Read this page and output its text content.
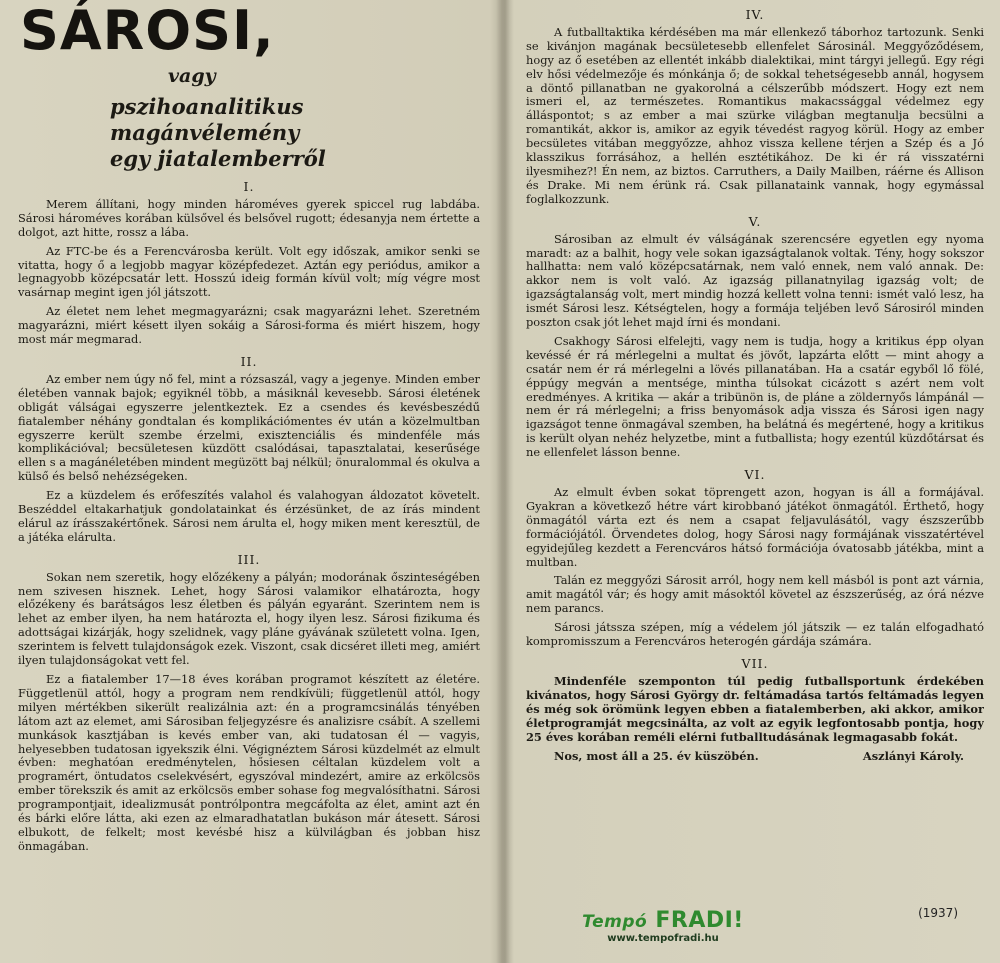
SÁROSI,
vagy
pszihoanalitikus magánvélemény
egy jiatalemberről
I.

Merem állítani, hogy minden hároméves gyerek spiccel rug labdába. Sárosi hároméves korában külsővel és belsővel rugott; édesanyja nem értette a dolgot, azt hitte, rossz a lába.

Az FTC-be és a Ferencvárosba került. Volt egy időszak, amikor senki se vitatta, hogy ő a legjobb magyar középfedezet. Aztán egy periódus, amikor a legnagyobb középcsatár lett. Hosszú ideig formán kívül volt; míg végre most vasárnap megint igen jól játszott.

Az életet nem lehet megmagyarázni; csak magyarázni lehet. Szeretném magyarázni, miért késett ilyen sokáig a Sárosi-forma és miért hiszem, hogy most már megmarad.

II.

Az ember nem úgy nő fel, mint a rózsaszál, vagy a jegenye. Minden ember életében vannak bajok; egyiknél több, a másiknál kevesebb. Sárosi életének obligát válságai egyszerre jelentkeztek. Ez a csendes és kevésbeszédű fiatalember néhány gondtalan és komplikációmentes év után a közelmultban egyszerre került szembe érzelmi, exisztenciális és mindenféle más komplikációval; becsületesen küzdött csalódásai, tapasztalatai, keserűsége ellen s a magánéletében mindent megüzött baj nélkül; önuralommal és okulva a külső és belső nehézségeken.

Ez a küzdelem és erőfeszítés valahol és valahogyan áldozatot követelt. Beszéddel eltakarhatjuk gondolatainkat és érzésünket, de az írás mindent elárul az írásszakértőnek. Sárosi nem árulta el, hogy miken ment keresztül, de a játéka elárulta.

III.

Sokan nem szeretik, hogy előzékeny a pályán; modorának őszinteségében nem szivesen hisznek. Lehet, hogy Sárosi valamikor elhatározta, hogy előzékeny és barátságos lesz életben és pályán egyaránt. Szerintem nem is lehet az ember ilyen, ha nem határozta el, hogy ilyen lesz. Sárosi fizikuma és adottságai kizárják, hogy szelidnek, vagy pláne gyávának született volna. Igen, szerintem is felvett tulajdonságok ezek. Viszont, csak dicséret illeti meg, amiért ilyen tulajdonságokat vett fel.

Ez a fiatalember 17—18 éves korában programot készített az életére. Függetlenül attól, hogy a program nem rendkívüli; függetlenül attól, hogy milyen mértékben sikerült realizálnia azt: én a programcsinálás tényében látom azt az elemet, ami Sárosiban feljegyzésre és analizisre csábít. A szellemi munkások kasztjában is kevés ember van, aki tudatosan él — vagyis, helyesebben tudatosan igyekszik élni. Végignéztem Sárosi küzdelmét az elmult évben: meghatóan eredménytelen, hősiesen céltalan küzdelem volt a programért, öntudatos cselekvésért, egyszóval mindezért, amire az erkölcsös ember törekszik és amit az erkölcsös ember sohase fog megvalósíthatni. Sárosi programpontjait, idealizmusát pontrólpontra megcáfolta az élet, amint azt én és bárki előre látta, aki ezen az elmaradhatatlan bukáson már átesett. Sárosi elbukott, de felkelt; most kevésbé hisz a külvilágban és jobban hisz önmagában.

IV.

A futballtaktika kérdésében ma már ellenkező táborhoz tartozunk. Senki se kivánjon magának becsületesebb ellenfelet Sárosinál. Meggyőződésem, hogy az ő esetében az ellentét inkább dialektikai, mint tárgyi jellegű. Egy régi elv hősi védelmezője és mónkánja ő; de sokkal tehetségesebb annál, hogysem a döntő pillanatban ne gyakorolná a célszerűbb módszert. Hogy ezt nem ismeri el, az természetes. Romantikus makacssággal védelmez egy álláspontot; s az ember a mai szürke világban megtanulja becsülni a romantikát, akkor is, amikor az egyik tévedést ragyog körül. Hogy az ember becsületes vitában meggyőzze, ahhoz vissza kellene térjen a Szép és a Jó klasszikus forrásához, a hellén esztétikához. De ki ér rá visszatérni ilyesmihez?! Én nem, az biztos. Carruthers, a Daily Mailben, ráérne és Allison és Drake. Mi nem érünk rá. Csak pillanataink vannak, hogy egymással foglalkozzunk.

V.

Sárosiban az elmult év válságának szerencsére egyetlen egy nyoma maradt: az a balhit, hogy vele sokan igazságtalanok voltak. Tény, hogy sokszor hallhatta: nem való középcsatárnak, nem való ennek, nem való annak. De: akkor nem is volt való. Az igazság pillanatnyilag igazság volt; de igazságtalanság volt, mert mindig hozzá kellett volna tenni: ismét való lesz, ha ismét Sárosi lesz. Kétségtelen, hogy a formája teljében levő Sárosiról minden poszton csak jót lehet majd írni és mondani.

Csakhogy Sárosi elfelejti, vagy nem is tudja, hogy a kritikus épp olyan kevéssé ér rá mérlegelni a multat és jövőt, lapzárta előtt — mint ahogy a csatár nem ér rá mérlegelni a lövés pillanatában. Ha a csatár egyből lő fölé, éppúgy megván a mentsége, mintha túlsokat cicázott s azért nem volt eredményes. A kritika — akár a tribünön is, de pláne a zöldernyős lámpánál — nem ér rá mérlegelni; a friss benyomások adja vissza és Sárosi igen nagy igazságot tenne önmagával szemben, ha belátná és megértené, hogy a kritikus is került olyan nehéz helyzetbe, mint a futballista; hogy ezentúl küzdőtársat és ne ellenfelet lásson benne.

VI.

Az elmult évben sokat töprengett azon, hogyan is áll a formájával. Gyakran a következő hétre várt kirobbanó játékot önmagától. Érthető, hogy önmagától várta ezt és nem a csapat feljavulásától, vagy észszerűbb formációjától. Örvendetes dolog, hogy Sárosi nagy formájának visszatértével egyidejűleg kezdett a Ferencváros hátsó formációja óvatosabb játékba, mint a multban.

Talán ez meggyőzi Sárosit arról, hogy nem kell másból is pont azt várnia, amit magától vár; és hogy amit másoktól követel az észszerűség, az órá nézve nem parancs.

Sárosi játssza szépen, míg a védelem jól játszik — ez talán elfogadható kompromisszum a Ferencváros heterogén gárdája számára.

VII.

Mindenféle szemponton túl pedig futballsportunk érdekében kivánatos, hogy Sárosi György dr. feltámadása tartós feltámadás legyen és még sok örömünk legyen ebben a fiatalemberben, aki akkor, amikor életprogramját megcsinálta, az volt az egyik legfontosabb pontja, hogy 25 éves korában reméli elérni futballtudásának legmagasabb fokát.

Nos, most áll a 25. év küszöbén.	Aszlányi Károly.
(1937)
Tempó FRADI!
www.tempofradi.hu
